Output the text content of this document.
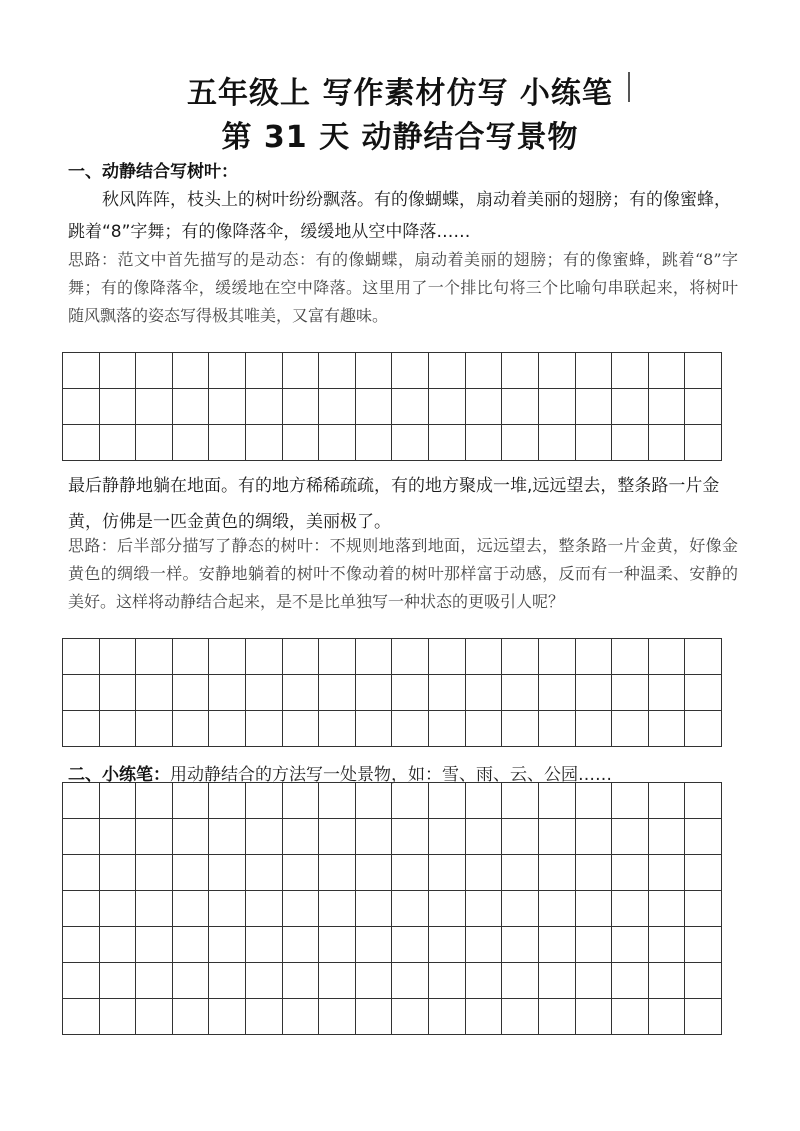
五年级上 写作素材仿写 小练笔
第 31 天 动静结合写景物

一、动静结合写树叶：

秋风阵阵，枝头上的树叶纷纷飘落。有的像蝴蝶，扇动着美丽的翅膀；有的像蜜蜂，跳着“8”字舞；有的像降落伞，缓缓地从空中降落……

思路：范文中首先描写的是动态：有的像蝴蝶，扇动着美丽的翅膀；有的像蜜蜂，跳着“8”字舞；有的像降落伞，缓缓地在空中降落。这里用了一个排比句将三个比喻句串联起来，将树叶随风飘落的姿态写得极其唯美，又富有趣味。

最后静静地躺在地面。有的地方稀稀疏疏，有的地方聚成一堆,远远望去，整条路一片金黄，仿佛是一匹金黄色的绸缎，美丽极了。

思路：后半部分描写了静态的树叶：不规则地落到地面，远远望去，整条路一片金黄，好像金黄色的绸缎一样。安静地躺着的树叶不像动着的树叶那样富于动感，反而有一种温柔、安静的美好。这样将动静结合起来，是不是比单独写一种状态的更吸引人呢？

二、小练笔：用动静结合的方法写一处景物，如：雪、雨、云、公园……
